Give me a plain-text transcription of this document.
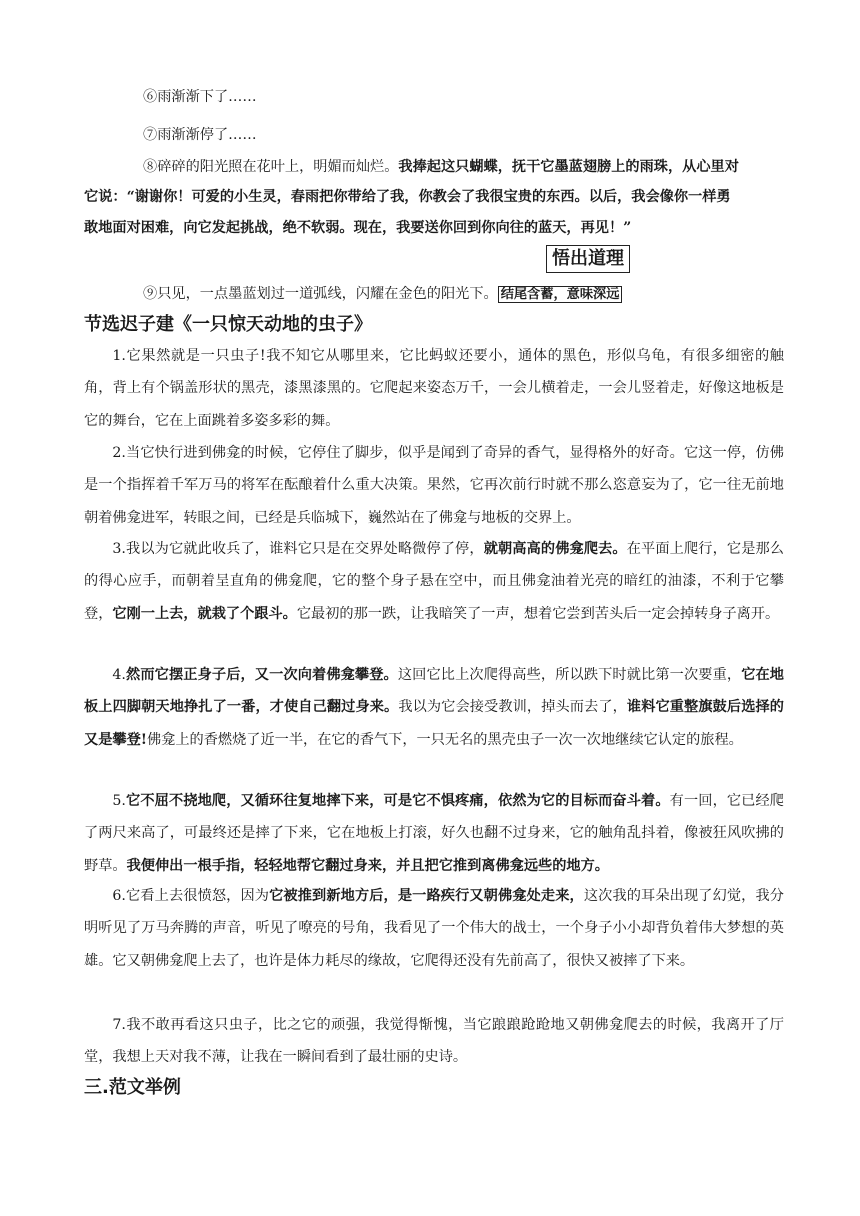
⑥雨渐渐下了……
⑦雨渐渐停了……
⑧碎碎的阳光照在花叶上，明媚而灿烂。我捧起这只蝴蝶，抚干它墨蓝翅膀上的雨珠，从心里对
它说：“谢谢你！可爱的小生灵，春雨把你带给了我，你教会了我很宝贵的东西。以后，我会像你一样勇
敢地面对困难，向它发起挑战，绝不软弱。现在，我要送你回到你向往的蓝天，再见！”
悟出道理
⑨只见，一点墨蓝划过一道弧线，闪耀在金色的阳光下。 结尾含蓄，意味深远
节选迟子建《一只惊天动地的虫子》
1.它果然就是一只虫子!我不知它从哪里来，它比蚂蚁还要小，通体的黑色，形似乌龟，有很多细密的触角，背上有个锅盖形状的黑壳，漆黑漆黑的。它爬起来姿态万千，一会儿横着走，一会儿竖着走，好像这地板是它的舞台，它在上面跳着多姿多彩的舞。
2.当它快行进到佛龛的时候，它停住了脚步，似乎是闻到了奇异的香气，显得格外的好奇。它这一停，仿佛是一个指挥着千军万马的将军在酝酿着什么重大决策。果然，它再次前行时就不那么恣意妄为了，它一往无前地朝着佛龛进军，转眼之间，已经是兵临城下，巍然站在了佛龛与地板的交界上。
3.我以为它就此收兵了，谁料它只是在交界处略微停了停，就朝高高的佛龛爬去。在平面上爬行，它是那么的得心应手，而朝着呈直角的佛龛爬，它的整个身子悬在空中，而且佛龛油着光亮的暗红的油漆，不利于它攀登，它刚一上去，就栽了个跟斗。它最初的那一跌，让我暗笑了一声，想着它尝到苦头后一定会掉转身子离开。
4.然而它摆正身子后，又一次向着佛龛攀登。这回它比上次爬得高些，所以跌下时就比第一次要重，它在地板上四脚朝天地挣扎了一番，才使自己翻过身来。我以为它会接受教训，掉头而去了，谁料它重整旗鼓后选择的又是攀登!佛龛上的香燃烧了近一半，在它的香气下，一只无名的黑壳虫子一次一次地继续它认定的旅程。
5.它不屈不挠地爬，又循环往复地摔下来，可是它不惧疼痛，依然为它的目标而奋斗着。有一回，它已经爬了两尺来高了，可最终还是摔了下来，它在地板上打滚，好久也翻不过身来，它的触角乱抖着，像被狂风吹拂的野草。我便伸出一根手指，轻轻地帮它翻过身来，并且把它推到离佛龛远些的地方。
6.它看上去很愤怒，因为它被推到新地方后，是一路疾行又朝佛龛处走来，这次我的耳朵出现了幻觉，我分明听见了万马奔腾的声音，听见了嘹亮的号角，我看见了一个伟大的战士，一个身子小小却背负着伟大梦想的英雄。它又朝佛龛爬上去了，也许是体力耗尽的缘故，它爬得还没有先前高了，很快又被摔了下来。
7.我不敢再看这只虫子，比之它的顽强，我觉得惭愧，当它踉踉跄跄地又朝佛龛爬去的时候，我离开了厅堂，我想上天对我不薄，让我在一瞬间看到了最壮丽的史诗。
三.范文举例
